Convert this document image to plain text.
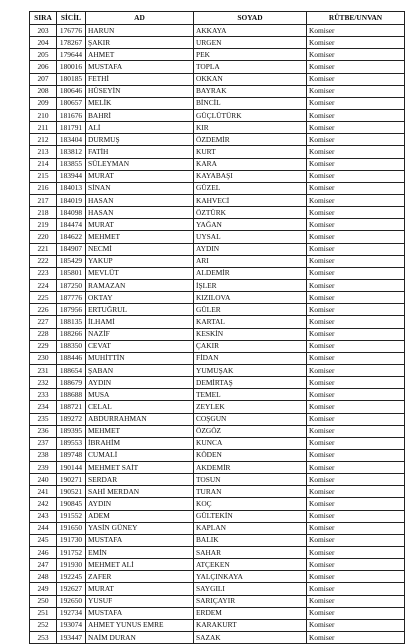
SIRA	SİCİL	AD	SOYAD	RÜTBE/UNVAN
203	176776	HARUN	AKKAYA	Komiser
204	178267	ŞAKIR	URGEN	Komiser
205	179644	AHMET	PEK	Komiser
206	180016	MUSTAFA	TOPLA	Komiser
207	180185	FETHİ	OKKAN	Komiser
208	180646	HÜSEYİN	BAYRAK	Komiser
209	180657	MELİK	BİNCİL	Komiser
210	181676	BAHRİ	GÜÇLÜTÜRK	Komiser
211	181791	ALİ	KIR	Komiser
212	183404	DURMUŞ	ÖZDEMİR	Komiser
213	183812	FATİH	KURT	Komiser
214	183855	SÜLEYMAN	KARA	Komiser
215	183944	MURAT	KAYABAŞI	Komiser
216	184013	SİNAN	GÜZEL	Komiser
217	184019	HASAN	KAHVECİ	Komiser
218	184098	HASAN	ÖZTÜRK	Komiser
219	184474	MURAT	YAĞAN	Komiser
220	184622	MEHMET	UYSAL	Komiser
221	184907	NECMİ	AYDIN	Komiser
222	185429	YAKUP	ARI	Komiser
223	185801	MEVLÜT	ALDEMİR	Komiser
224	187250	RAMAZAN	İŞLER	Komiser
225	187776	OKTAY	KIZILOVA	Komiser
226	187956	ERTUĞRUL	GÜLER	Komiser
227	188135	İLHAMİ	KARTAL	Komiser
228	188266	NAZİF	KESKİN	Komiser
229	188350	CEVAT	ÇAKIR	Komiser
230	188446	MUHİTTİN	FİDAN	Komiser
231	188654	ŞABAN	YUMUŞAK	Komiser
232	188679	AYDIN	DEMİRTAŞ	Komiser
233	188688	MUSA	TEMEL	Komiser
234	188721	CELAL	ZEYLEK	Komiser
235	189272	ABDURRAHMAN	COŞGUN	Komiser
236	189395	MEHMET	ÖZGÖZ	Komiser
237	189553	İBRAHİM	KUNCA	Komiser
238	189748	CUMALİ	KÖDEN	Komiser
239	190144	MEHMET SAİT	AKDEMİR	Komiser
240	190271	SERDAR	TOSUN	Komiser
241	190521	SAHİ MERDAN	TURAN	Komiser
242	190845	AYDIN	KOÇ	Komiser
243	191552	ADEM	GÜLTEKİN	Komiser
244	191650	YASİN GÜNEY	KAPLAN	Komiser
245	191730	MUSTAFA	BALIK	Komiser
246	191752	EMİN	SAHAR	Komiser
247	191930	MEHMET ALİ	ATÇEKEN	Komiser
248	192245	ZAFER	YALÇINKAYA	Komiser
249	192627	MURAT	SAYGILI	Komiser
250	192650	YUSUF	SARIÇAYIR	Komiser
251	192734	MUSTAFA	ERDEM	Komiser
252	193074	AHMET YUNUS EMRE	KARAKURT	Komiser
253	193447	NAİM DURAN	SAZAK	Komiser
